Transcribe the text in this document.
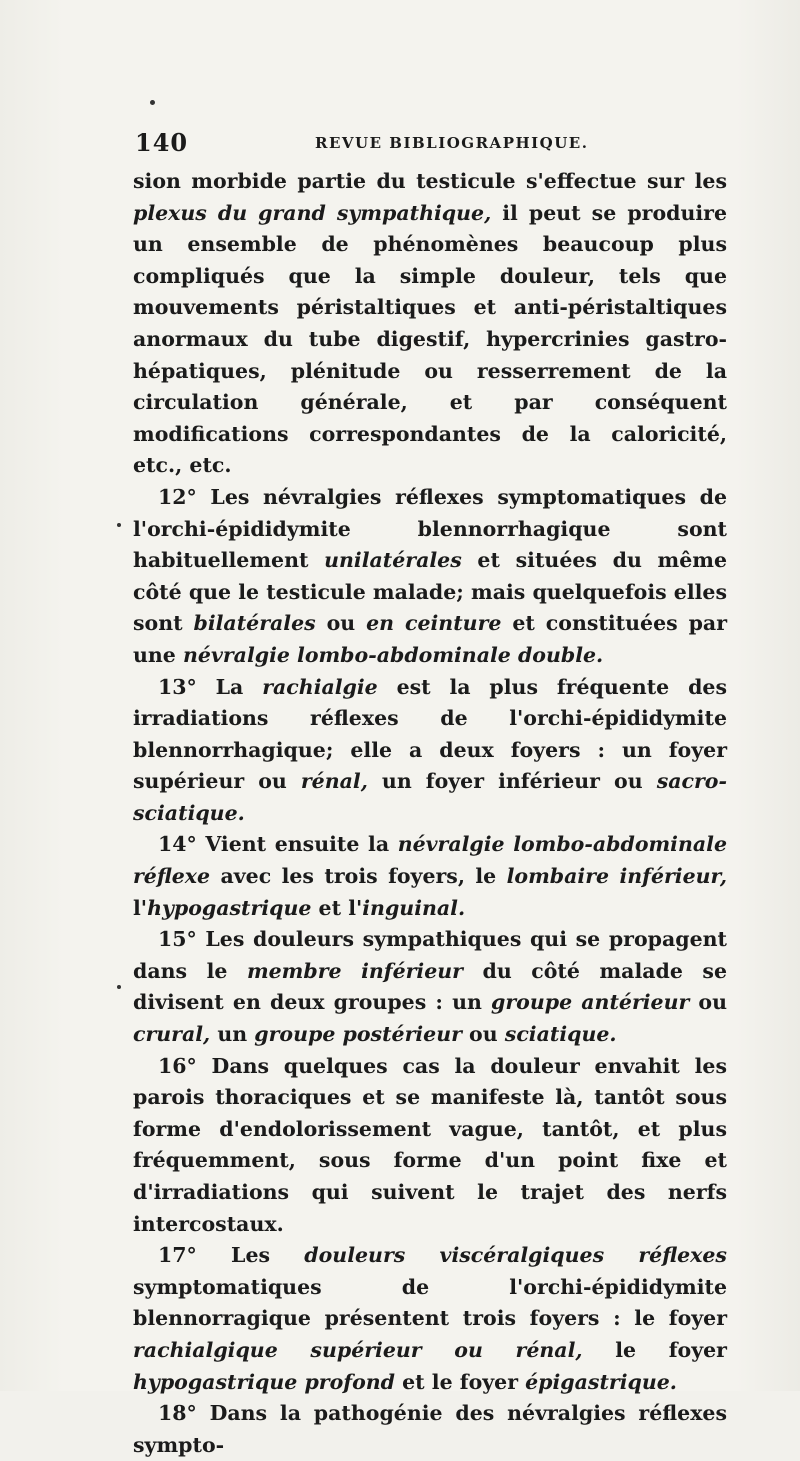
140	REVUE BIBLIOGRAPHIQUE.

sion morbide partie du testicule s'effectue sur les plexus du grand sympathique, il peut se produire un ensemble de phénomènes beaucoup plus compliqués que la simple douleur, tels que mouvements péristaltiques et anti-péristaltiques anormaux du tube digestif, hypercrinies gastro-hépatiques, plénitude ou resserrement de la circulation générale, et par conséquent modifications correspondantes de la caloricité, etc., etc.

12° Les névralgies réflexes symptomatiques de l'orchi-épididymite blennorrhagique sont habituellement unilatérales et situées du même côté que le testicule malade; mais quelquefois elles sont bilatérales ou en ceinture et constituées par une névralgie lombo-abdominale double.

13° La rachialgie est la plus fréquente des irradiations réflexes de l'orchi-épididymite blennorrhagique; elle a deux foyers : un foyer supérieur ou rénal, un foyer inférieur ou sacro-sciatique.

14° Vient ensuite la névralgie lombo-abdominale réflexe avec les trois foyers, le lombaire inférieur, l'hypogastrique et l'inguinal.

15° Les douleurs sympathiques qui se propagent dans le membre inférieur du côté malade se divisent en deux groupes : un groupe antérieur ou crural, un groupe postérieur ou sciatique.

16° Dans quelques cas la douleur envahit les parois thoraciques et se manifeste là, tantôt sous forme d'endolorissement vague, tantôt, et plus fréquemment, sous forme d'un point fixe et d'irradiations qui suivent le trajet des nerfs intercostaux.

17° Les douleurs viscéralgiques réflexes symptomatiques de l'orchi-épididymite blennorragique présentent trois foyers : le foyer rachialgique supérieur ou rénal, le foyer hypogastrique profond et le foyer épigastrique.

18° Dans la pathogénie des névralgies réflexes sympto-
